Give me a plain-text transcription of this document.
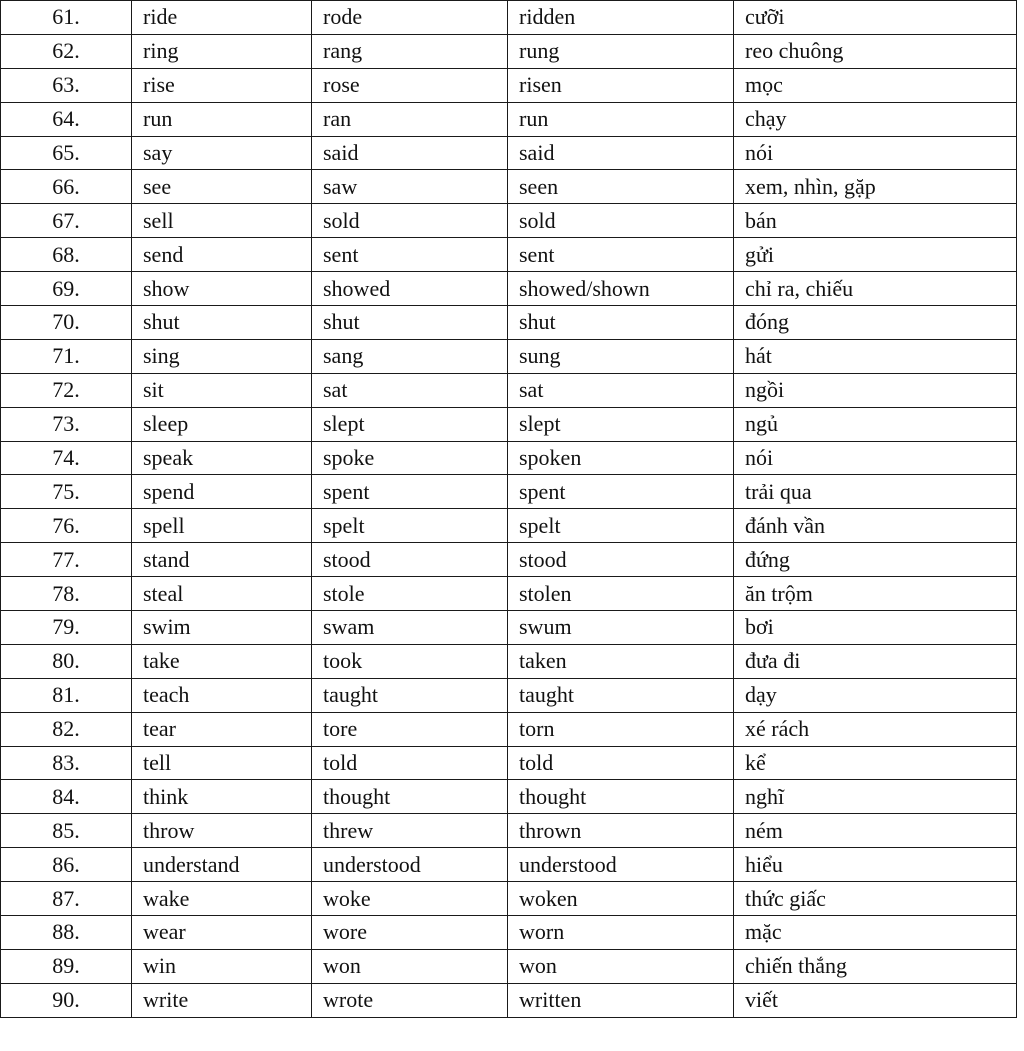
61.	ride	rode	ridden	cưỡi
62.	ring	rang	rung	reo chuông
63.	rise	rose	risen	mọc
64.	run	ran	run	chạy
65.	say	said	said	nói
66.	see	saw	seen	xem, nhìn, gặp
67.	sell	sold	sold	bán
68.	send	sent	sent	gửi
69.	show	showed	showed/shown	chỉ ra, chiếu
70.	shut	shut	shut	đóng
71.	sing	sang	sung	hát
72.	sit	sat	sat	ngồi
73.	sleep	slept	slept	ngủ
74.	speak	spoke	spoken	nói
75.	spend	spent	spent	trải qua
76.	spell	spelt	spelt	đánh vần
77.	stand	stood	stood	đứng
78.	steal	stole	stolen	ăn trộm
79.	swim	swam	swum	bơi
80.	take	took	taken	đưa đi
81.	teach	taught	taught	dạy
82.	tear	tore	torn	xé rách
83.	tell	told	told	kể
84.	think	thought	thought	nghĩ
85.	throw	threw	thrown	ném
86.	understand	understood	understood	hiểu
87.	wake	woke	woken	thức giấc
88.	wear	wore	worn	mặc
89.	win	won	won	chiến thắng
90.	write	wrote	written	viết
